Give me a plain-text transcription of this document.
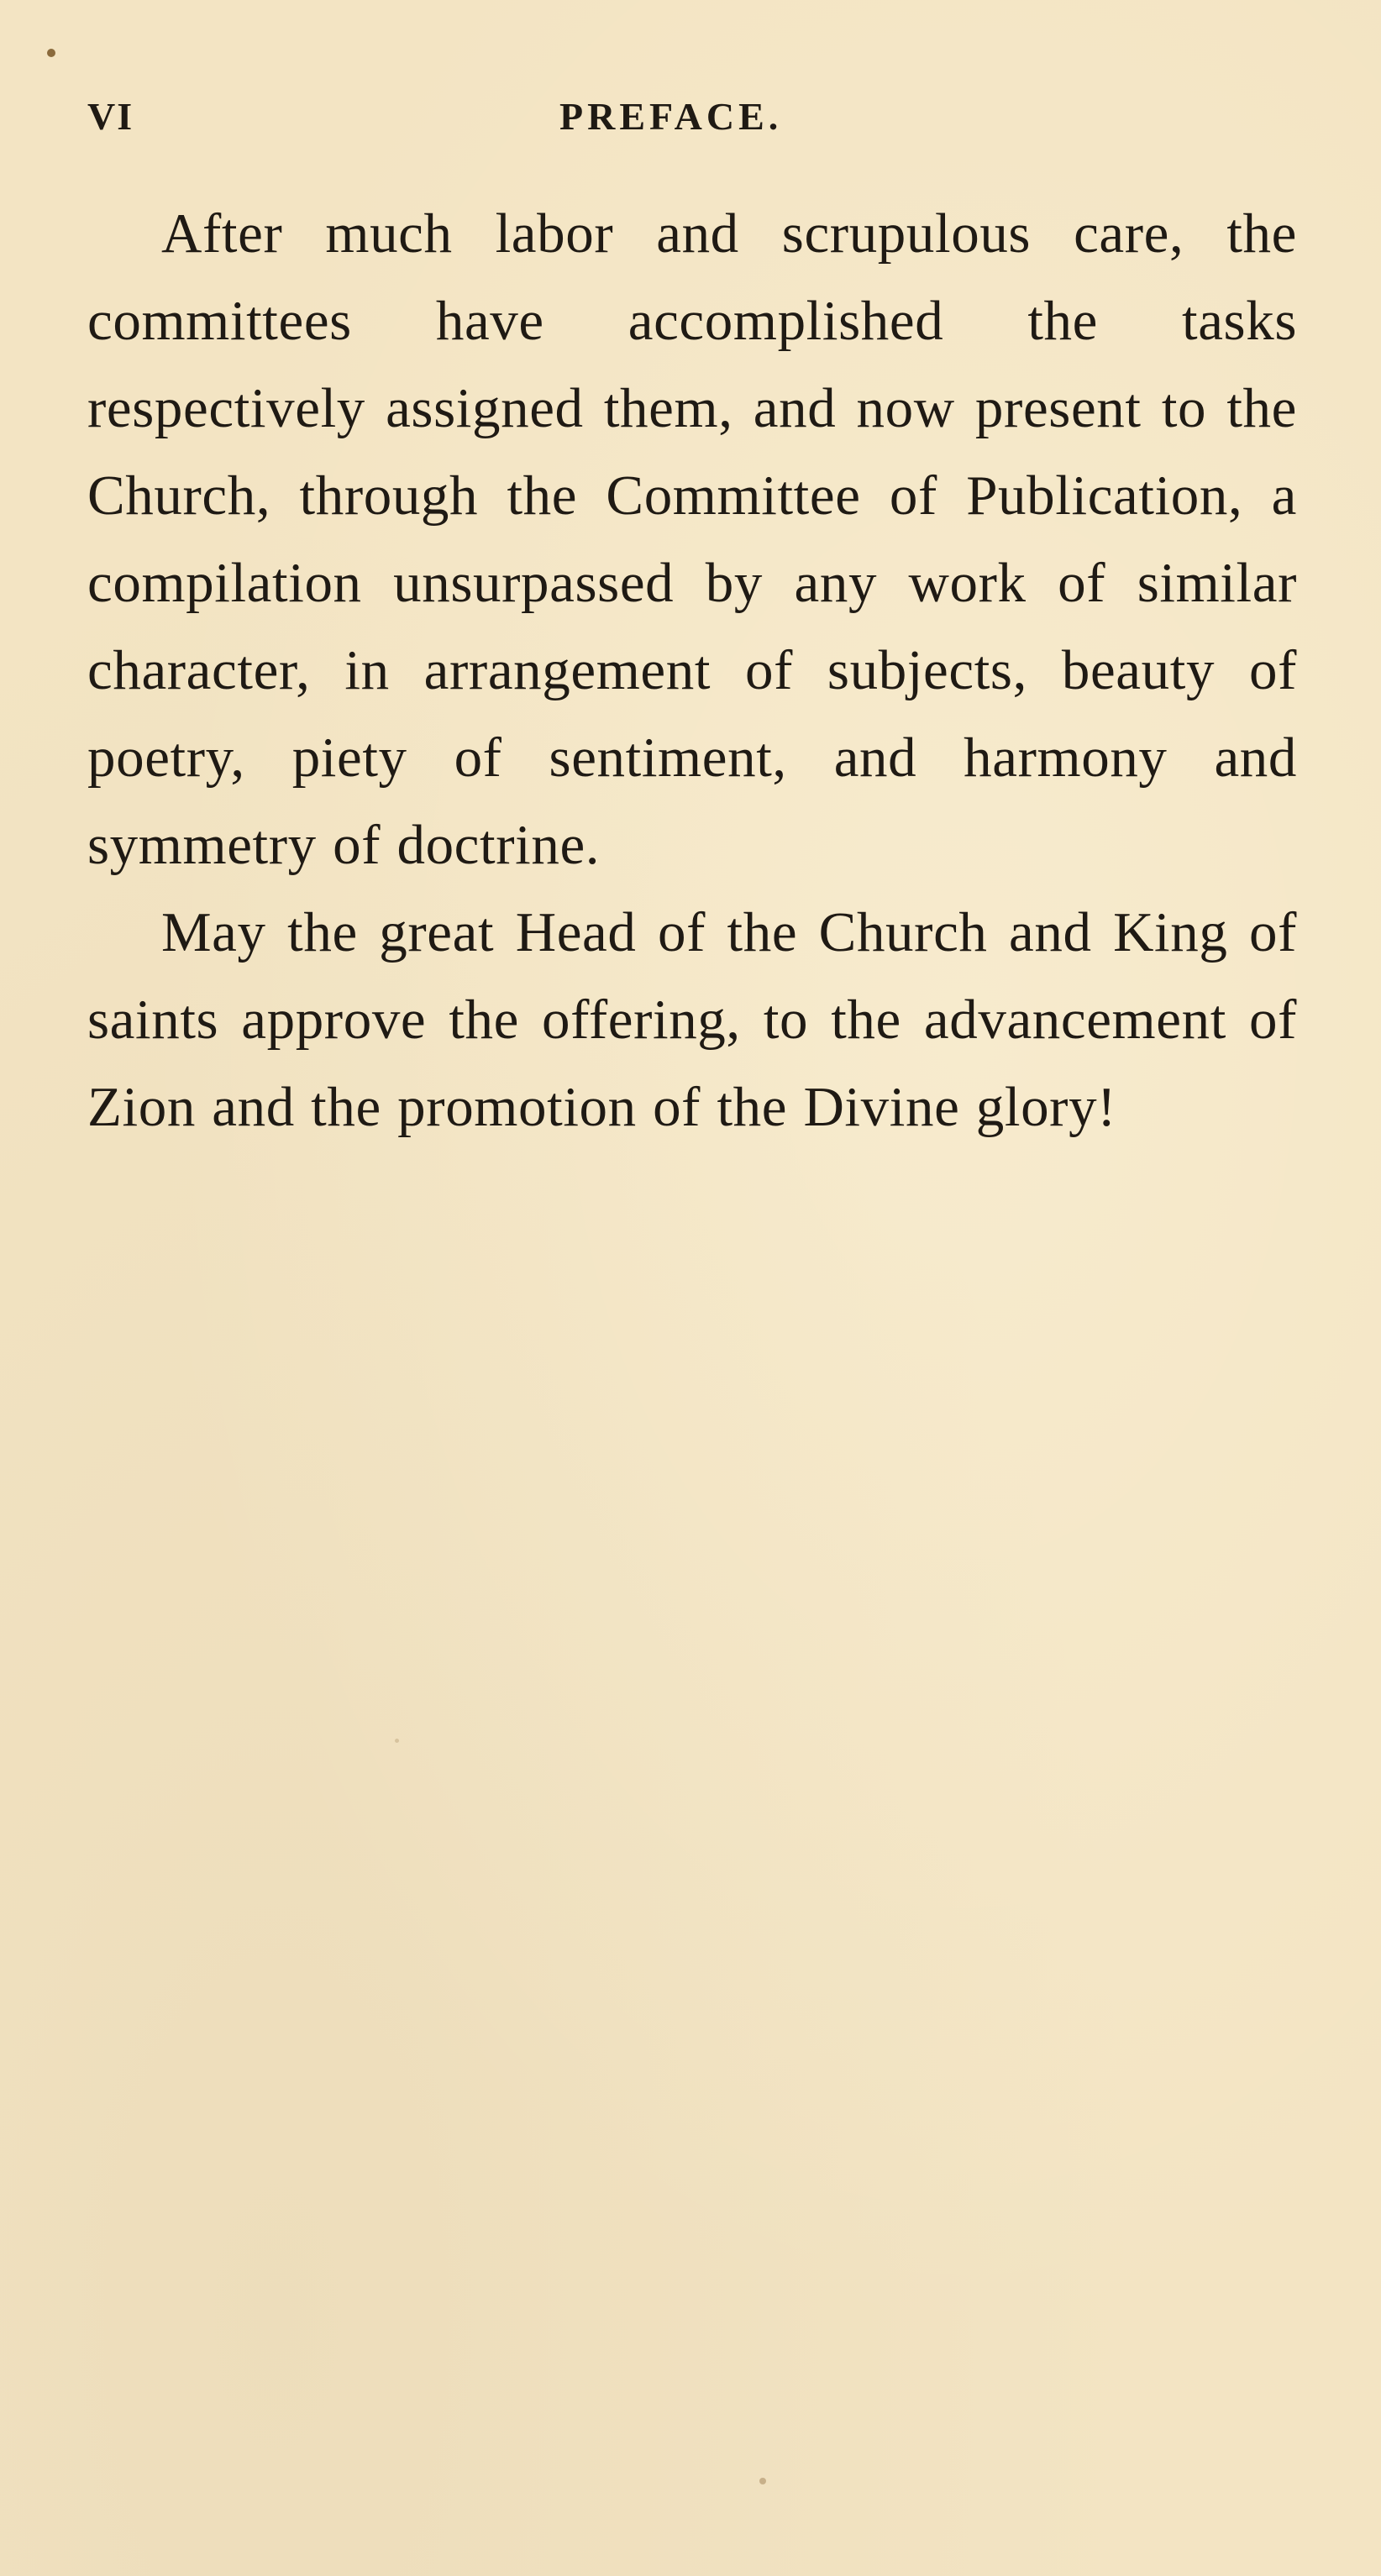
VI	PREFACE.

After much labor and scrupulous care, the committees have accomplished the tasks respectively assigned them, and now present to the Church, through the Committee of Publication, a compilation unsurpassed by any work of similar character, in arrangement of subjects, beauty of poetry, piety of sentiment, and harmony and symmetry of doctrine.

May the great Head of the Church and King of saints approve the offering, to the advancement of Zion and the promotion of the Divine glory!
